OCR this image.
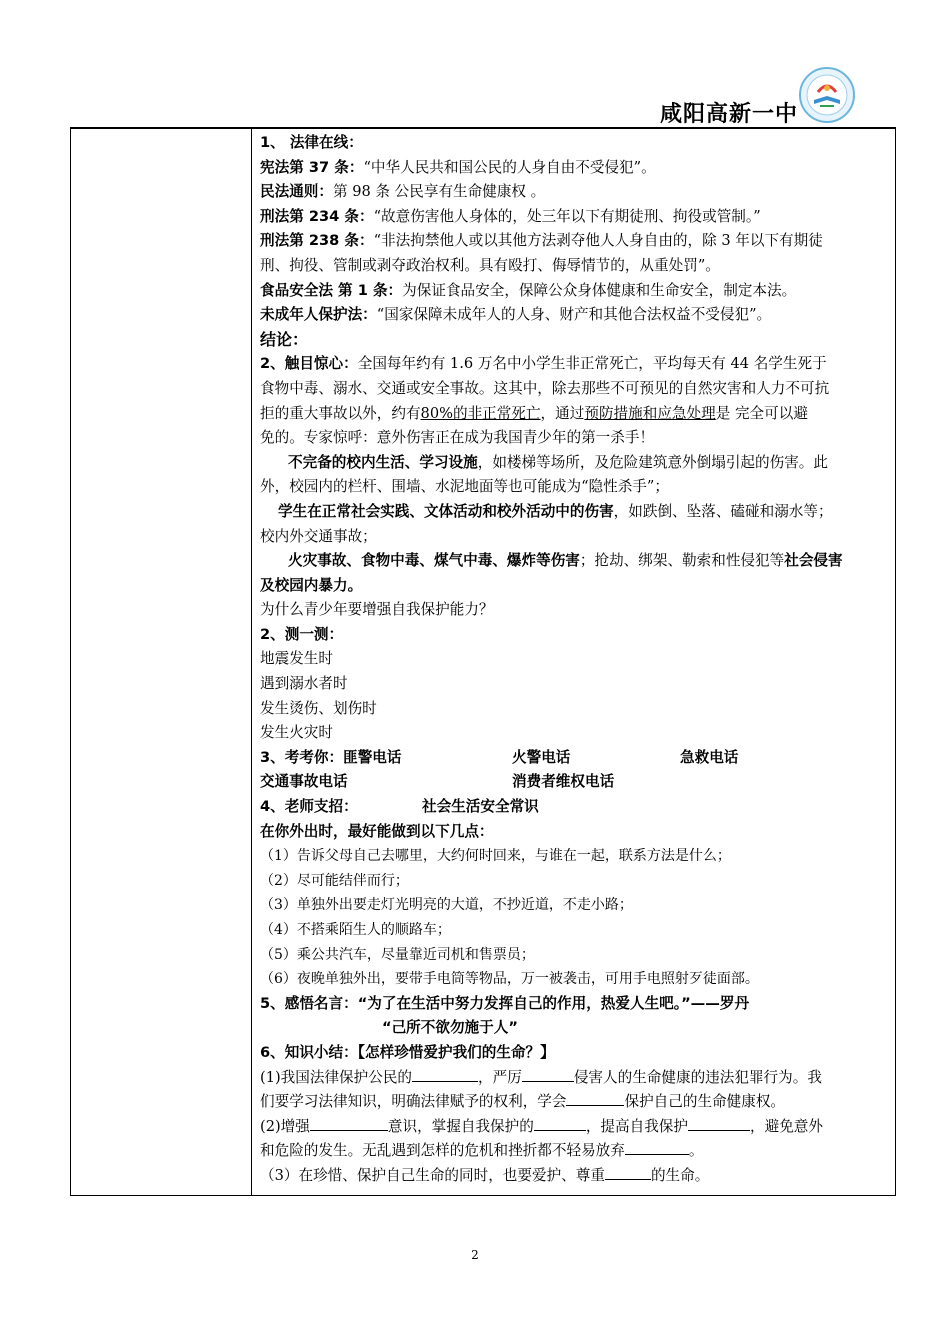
咸阳高新一中
1、 法律在线：
宪法第 37 条：“中华人民共和国公民的人身自由不受侵犯”。
民法通则：第 98 条 公民享有生命健康权 。
刑法第 234 条：“故意伤害他人身体的，处三年以下有期徒刑、拘役或管制。”
刑法第 238 条：“非法拘禁他人或以其他方法剥夺他人人身自由的，除 3 年以下有期徒
刑、拘役、管制或剥夺政治权利。具有殴打、侮辱情节的，从重处罚”。
食品安全法 第 1 条：为保证食品安全，保障公众身体健康和生命安全，制定本法。
未成年人保护法：“国家保障未成年人的人身、财产和其他合法权益不受侵犯”。
结论：
2、触目惊心：全国每年约有 1.6 万名中小学生非正常死亡，平均每天有 44 名学生死于
食物中毒、溺水、交通或安全事故。这其中，除去那些不可预见的自然灾害和人力不可抗
拒的重大事故以外，约有80%的非正常死亡，通过预防措施和应急处理是 完全可以避
免的。专家惊呼：意外伤害正在成为我国青少年的第一杀手！
不完备的校内生活、学习设施，如楼梯等场所，及危险建筑意外倒塌引起的伤害。此
外，校园内的栏杆、围墙、水泥地面等也可能成为“隐性杀手”；
学生在正常社会实践、文体活动和校外活动中的伤害，如跌倒、坠落、磕碰和溺水等；
校内外交通事故；
火灾事故、食物中毒、煤气中毒、爆炸等伤害；抢劫、绑架、勒索和性侵犯等社会侵害
及校园内暴力。
为什么青少年要增强自我保护能力？
2、测一测：
地震发生时
遇到溺水者时
发生烫伤、划伤时
发生火灾时
3、考考你：匪警电话	火警电话	急救电话
交通事故电话	消费者维权电话
4、老师支招：	社会生活安全常识
在你外出时，最好能做到以下几点：
（1）告诉父母自己去哪里，大约何时回来，与谁在一起，联系方法是什么；
（2）尽可能结伴而行；
（3）单独外出要走灯光明亮的大道，不抄近道，不走小路；
（4）不搭乘陌生人的顺路车；
（5）乘公共汽车，尽量靠近司机和售票员；
（6）夜晚单独外出，要带手电筒等物品，万一被袭击，可用手电照射歹徒面部。
5、感悟名言：“为了在生活中努力发挥自己的作用，热爱人生吧。”——罗丹
“己所不欲勿施于人”
6、知识小结：【怎样珍惜爱护我们的生命？】
(1)我国法律保护公民的	，严厉	侵害人的生命健康的违法犯罪行为。我
们要学习法律知识，明确法律赋予的权利，学会	保护自己的生命健康权。
(2)增强	意识，掌握自我保护的	，提高自我保护	，避免意外
和危险的发生。无乱遇到怎样的危机和挫折都不轻易放弃	。
（3）在珍惜、保护自己生命的同时，也要爱护、尊重	的生命。
2
